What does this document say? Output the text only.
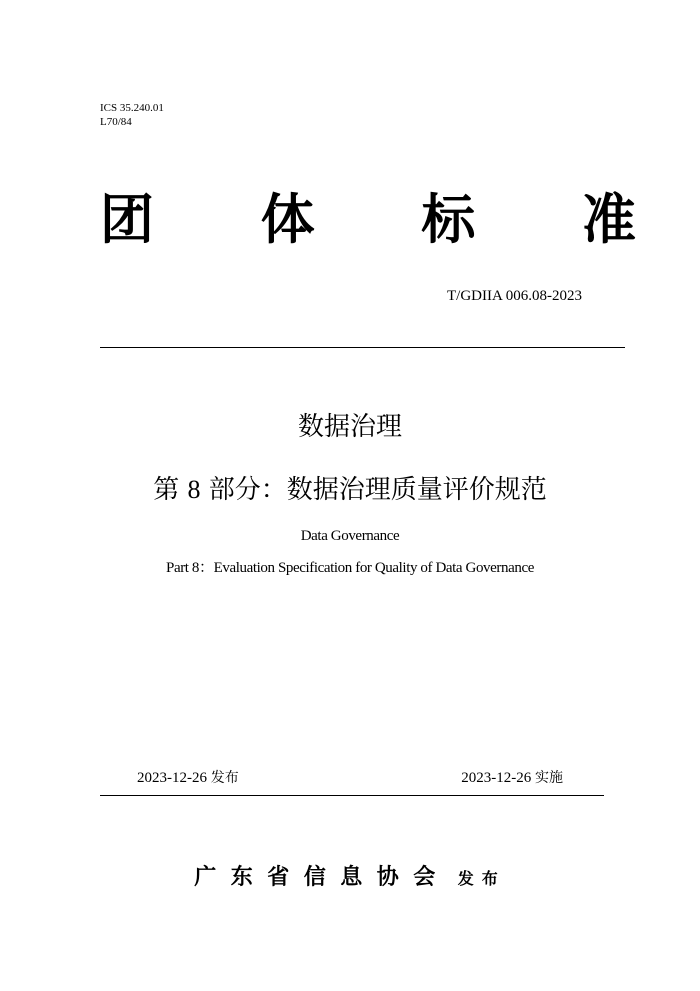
ICS 35.240.01
L70/84
团 体 标 准
T/GDIIA 006.08-2023
数据治理
第 8 部分：数据治理质量评价规范
Data Governance
Part 8：Evaluation Specification for Quality of Data Governance
2023-12-26 发布	2023-12-26 实施
广东省信息协会 发布
